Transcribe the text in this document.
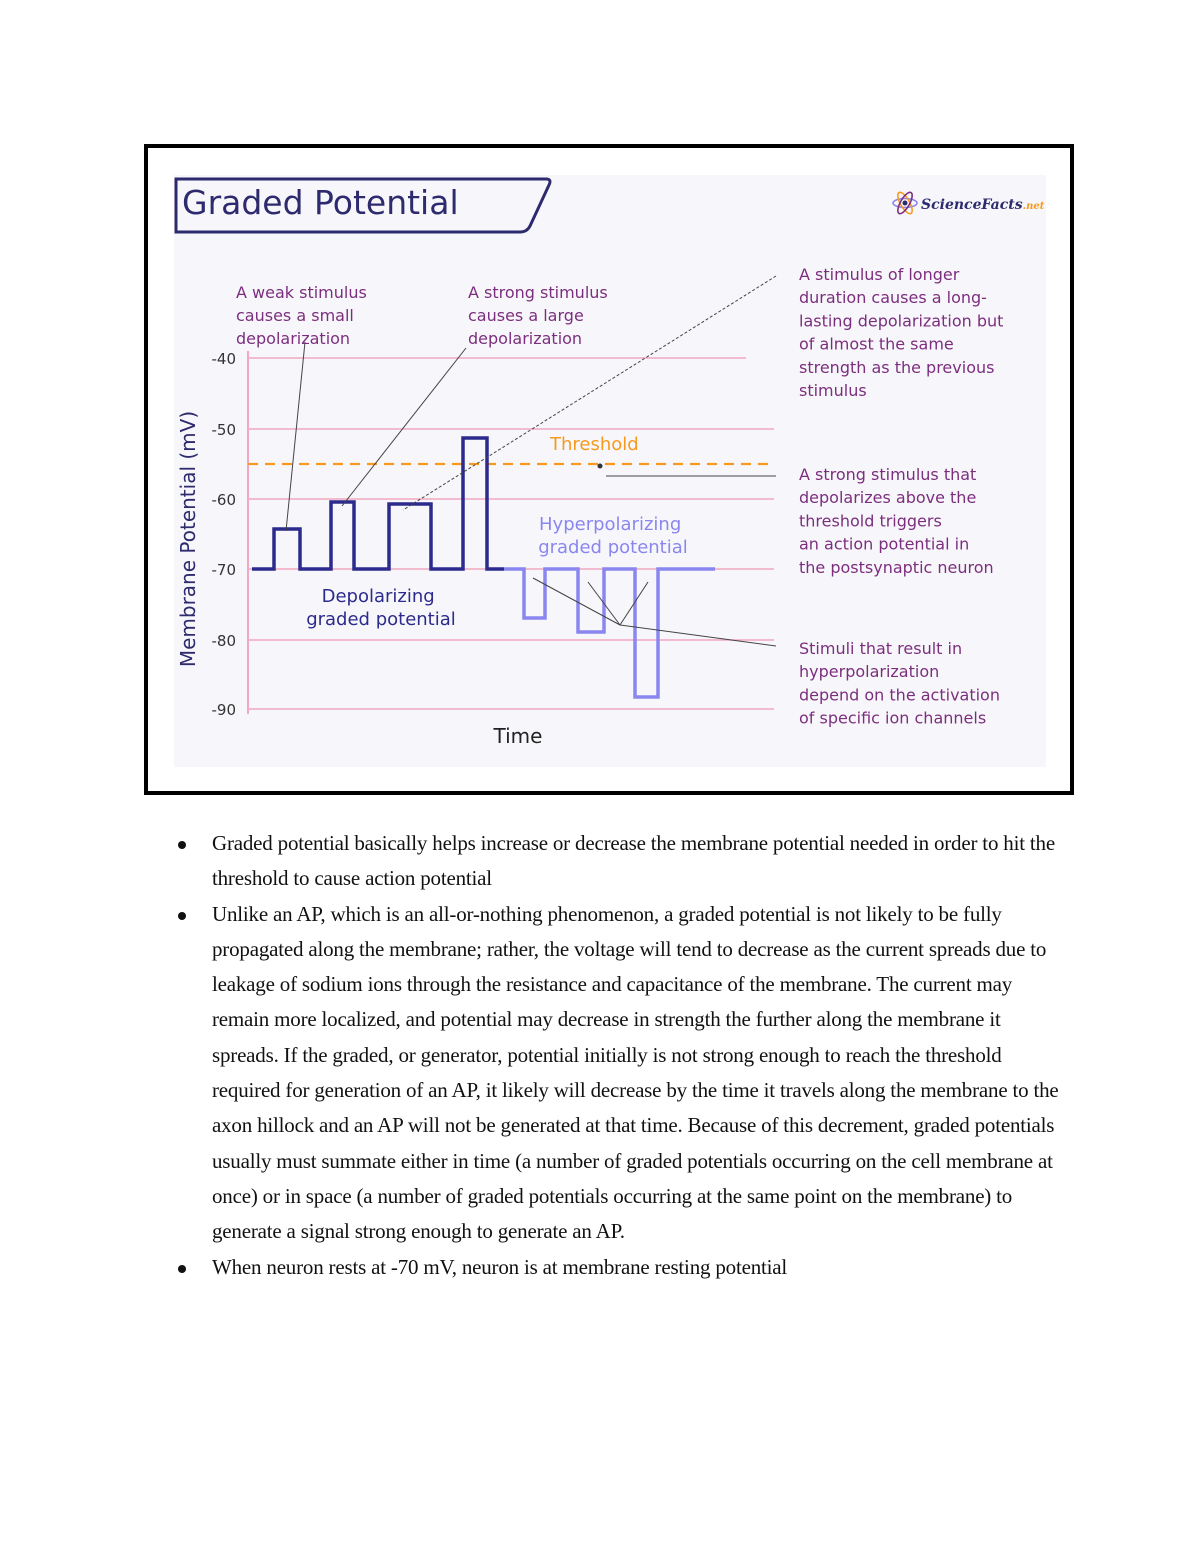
Graded Potential	ScienceFacts.net
-40
-50
-60
-70
-80
-90
Membrane Potential (mV)
Time
Threshold
A weak stimulus causes a small depolarization
A strong stimulus causes a large depolarization
A stimulus of longer duration causes a long- lasting depolarization but of almost the same strength as the previous stimulus
A strong stimulus that depolarizes above the threshold triggers an action potential in the postsynaptic neuron
Stimuli that result in hyperpolarization depend on the activation of specific ion channels
Hyperpolarizing graded potential
Depolarizing graded potential
Graded potential basically helps increase or decrease the membrane potential needed in order to hit the threshold to cause action potential
Unlike an AP, which is an all-or-nothing phenomenon, a graded potential is not likely to be fully propagated along the membrane; rather, the voltage will tend to decrease as the current spreads due to leakage of sodium ions through the resistance and capacitance of the membrane. The current may remain more localized, and potential may decrease in strength the further along the membrane it spreads. If the graded, or generator, potential initially is not strong enough to reach the threshold required for generation of an AP, it likely will decrease by the time it travels along the membrane to the axon hillock and an AP will not be generated at that time. Because of this decrement, graded potentials usually must summate either in time (a number of graded potentials occurring on the cell membrane at once) or in space (a number of graded potentials occurring at the same point on the membrane) to generate a signal strong enough to generate an AP.
When neuron rests at -70 mV, neuron is at membrane resting potential
